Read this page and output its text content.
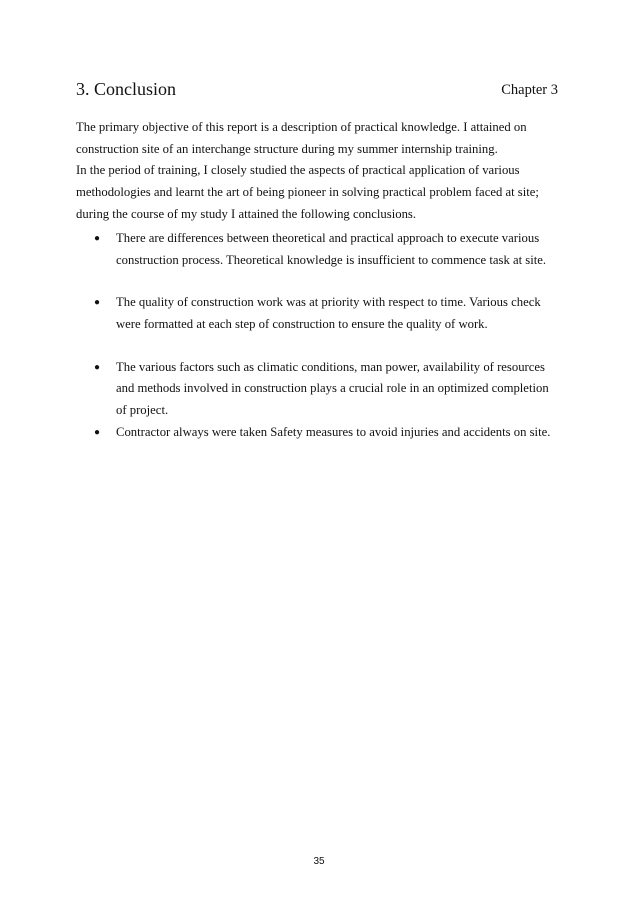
3. Conclusion	Chapter 3
The primary objective of this report is a description of practical knowledge. I attained on
construction site of an interchange structure during my summer internship training.
In the period of training, I closely studied the aspects of practical application of various
methodologies and learnt the art of being pioneer in solving practical problem faced at site;
during the course of my study I attained the following conclusions.
●	There are differences between theoretical and practical approach to execute various
construction process. Theoretical knowledge is insufficient to commence task at site.
●	The quality of construction work was at priority with respect to time. Various check
were formatted at each step of construction to ensure the quality of work.
●	The various factors such as climatic conditions, man power, availability of resources
and methods involved in construction plays a crucial role in an optimized completion
of project.
●	Contractor always were taken Safety measures to avoid injuries and accidents on site.
35
